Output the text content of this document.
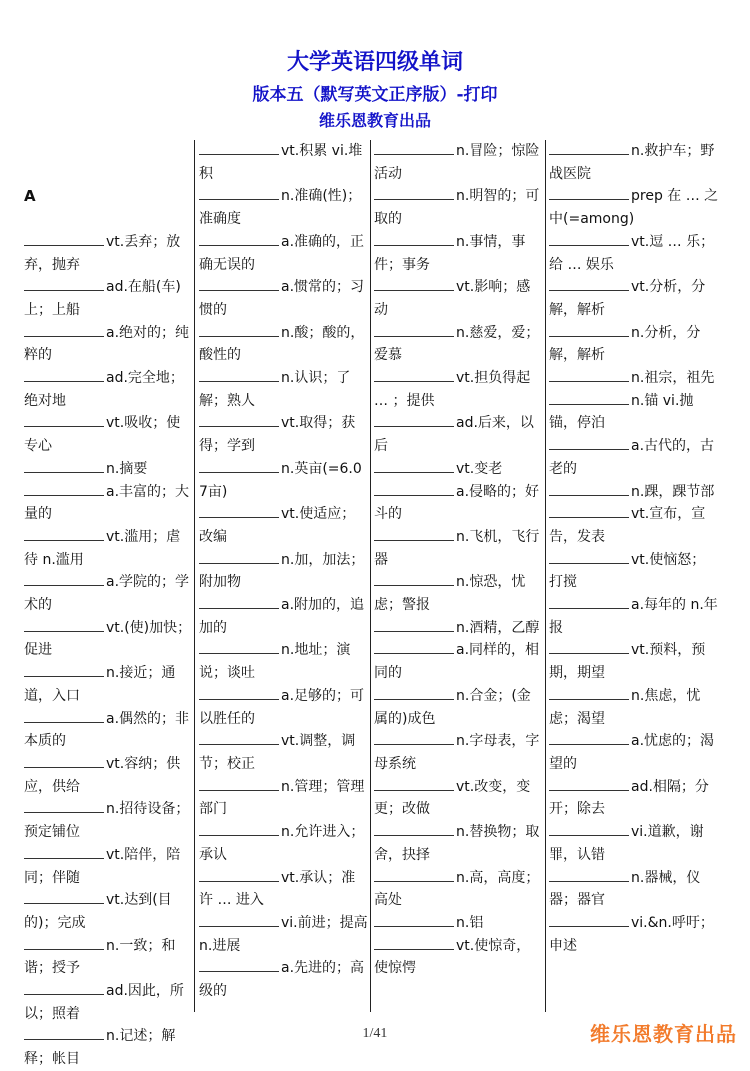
大学英语四级单词
版本五（默写英文正序版）-打印
维乐恩教育出品

A

vt.丢弃；放弃，抛弃
ad.在船(车)上；上船
a.绝对的；纯粹的
ad.完全地；绝对地
vt.吸收；使专心
n.摘要
a.丰富的；大量的
vt.滥用；虐待 n.滥用
a.学院的；学术的
vt.(使)加快；促进
n.接近；通道，入口
a.偶然的；非本质的
vt.容纳；供应，供给
n.招待设备；预定铺位
vt.陪伴，陪同；伴随
vt.达到(目的)；完成
n.一致；和谐；授予
ad.因此，所以；照着
n.记述；解释；帐目
vt.积累 vi.堆积
n.准确(性)；准确度
a.准确的，正确无误的
a.惯常的；习惯的
n.酸；酸的，酸性的
n.认识；了解；熟人
vt.取得；获得；学到
n.英亩(=6.07亩)
vt.使适应；改编
n.加，加法；附加物
a.附加的，追加的
n.地址；演说；谈吐
a.足够的；可以胜任的
vt.调整，调节；校正
n.管理；管理部门
n.允许进入；承认
vt.承认；准许 … 进入
vi.前进；提高 n.进展
a.先进的；高级的
n.冒险；惊险活动
n.明智的；可取的
n.事情，事件；事务
vt.影响；感动
n.慈爱，爱；爱慕
vt.担负得起 … ；提供
ad.后来，以后
vt.变老
a.侵略的；好斗的
n.飞机，飞行器
n.惊恐，忧虑；警报
n.酒精，乙醇
a.同样的，相同的
n.合金；(金属的)成色
n.字母表，字母系统
vt.改变，变更；改做
n.替换物；取舍，抉择
n.高，高度；高处
n.铝
vt.使惊奇，使惊愕
n.救护车；野战医院
prep 在 … 之中(=among)
vt.逗 … 乐；给 … 娱乐
vt.分析，分解，解析
n.分析，分解，解析
n.祖宗，祖先
n.锚 vi.抛锚，停泊
a.古代的，古老的
n.踝，踝节部
vt.宣布，宣告，发表
vt.使恼怒；打搅
a.每年的 n.年报
vt.预料，预期，期望
n.焦虑，忧虑；渴望
a.忧虑的；渴望的
ad.相隔；分开；除去
vi.道歉，谢罪，认错
n.器械，仪器；器官
vi.&n.呼吁；申述
1/41	维乐恩教育出品
